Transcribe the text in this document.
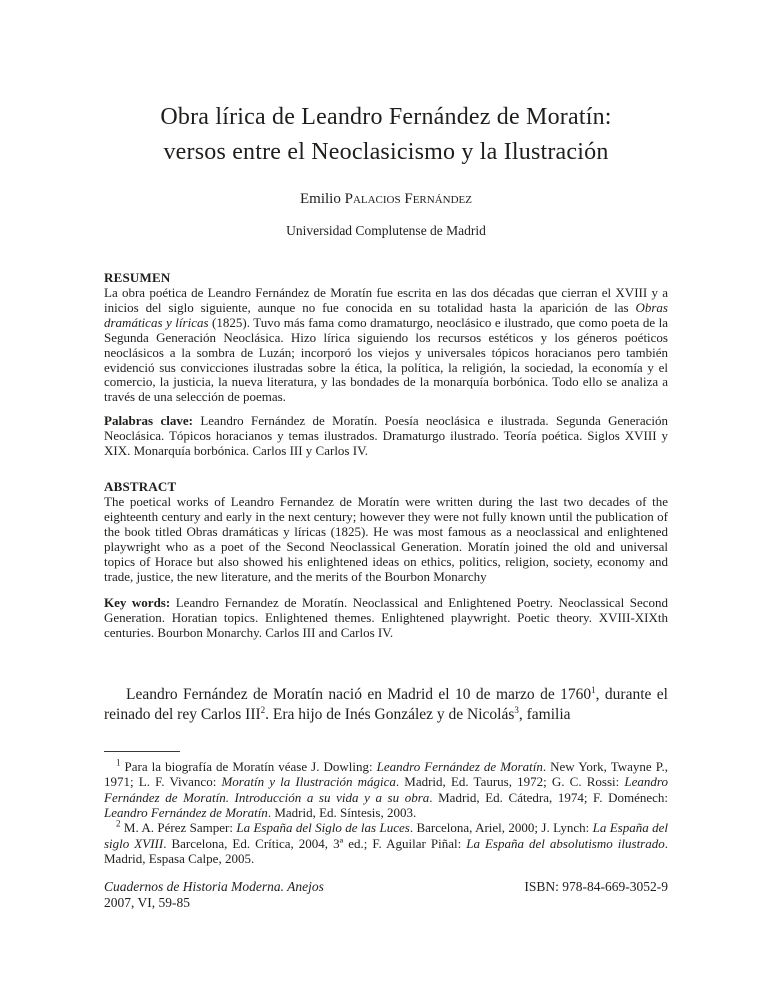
Obra lírica de Leandro Fernández de Moratín:
versos entre el Neoclasicismo y la Ilustración
Emilio Palacios Fernández
Universidad Complutense de Madrid
RESUMEN

La obra poética de Leandro Fernández de Moratín fue escrita en las dos décadas que cierran el XVIII y a inicios del siglo siguiente, aunque no fue conocida en su totalidad hasta la aparición de las Obras dramáticas y líricas (1825). Tuvo más fama como dramaturgo, neoclásico e ilustrado, que como poeta de la Segunda Generación Neoclásica. Hizo lírica siguiendo los recursos estéticos y los géneros poéticos neoclásicos a la sombra de Luzán; incorporó los viejos y universales tópicos horacianos pero también evidenció sus convicciones ilustradas sobre la ética, la política, la religión, la sociedad, la economía y el comercio, la justicia, la nueva literatura, y las bondades de la monarquía borbónica. Todo ello se analiza a través de una selección de poemas.

Palabras clave: Leandro Fernández de Moratín. Poesía neoclásica e ilustrada. Segunda Generación Neoclásica. Tópicos horacianos y temas ilustrados. Dramaturgo ilustrado. Teoría poética. Siglos XVIII y XIX. Monarquía borbónica. Carlos III y Carlos IV.

ABSTRACT

The poetical works of Leandro Fernandez de Moratín were written during the last two decades of the eighteenth century and early in the next century; however they were not fully known until the publication of the book titled Obras dramáticas y líricas (1825). He was most famous as a neoclassical and enlightened playwright who as a poet of the Second Neoclassical Generation. Moratín joined the old and universal topics of Horace but also showed his enlightened ideas on ethics, politics, religion, society, economy and trade, justice, the new literature, and the merits of the Bourbon Monarchy

Key words: Leandro Fernandez de Moratín. Neoclassical and Enlightened Poetry. Neoclassical Second Generation. Horatian topics. Enlightened themes. Enlightened playwright. Poetic theory. XVIII-XIXth centuries. Bourbon Monarchy. Carlos III and Carlos IV.

Leandro Fernández de Moratín nació en Madrid el 10 de marzo de 1760$^1$, durante el reinado del rey Carlos III$^2$. Era hijo de Inés González y de Nicolás$^3$, familia

$^1$ Para la biografía de Moratín véase J. Dowling: Leandro Fernández de Moratín. New York, Twayne P., 1971; L. F. Vivanco: Moratín y la Ilustración mágica. Madrid, Ed. Taurus, 1972; G. C. Rossi: Leandro Fernández de Moratín. Introducción a su vida y a su obra. Madrid, Ed. Cátedra, 1974; F. Doménech: Leandro Fernández de Moratín. Madrid, Ed. Síntesis, 2003.

$^2$ M. A. Pérez Samper: La España del Siglo de las Luces. Barcelona, Ariel, 2000; J. Lynch: La España del siglo XVIII. Barcelona, Ed. Crítica, 2004, 3ª ed.; F. Aguilar Piñal: La España del absolutismo ilustrado. Madrid, Espasa Calpe, 2005.

Cuadernos de Historia Moderna. Anejos	ISBN: 978-84-669-3052-9
2007, VI, 59-85
